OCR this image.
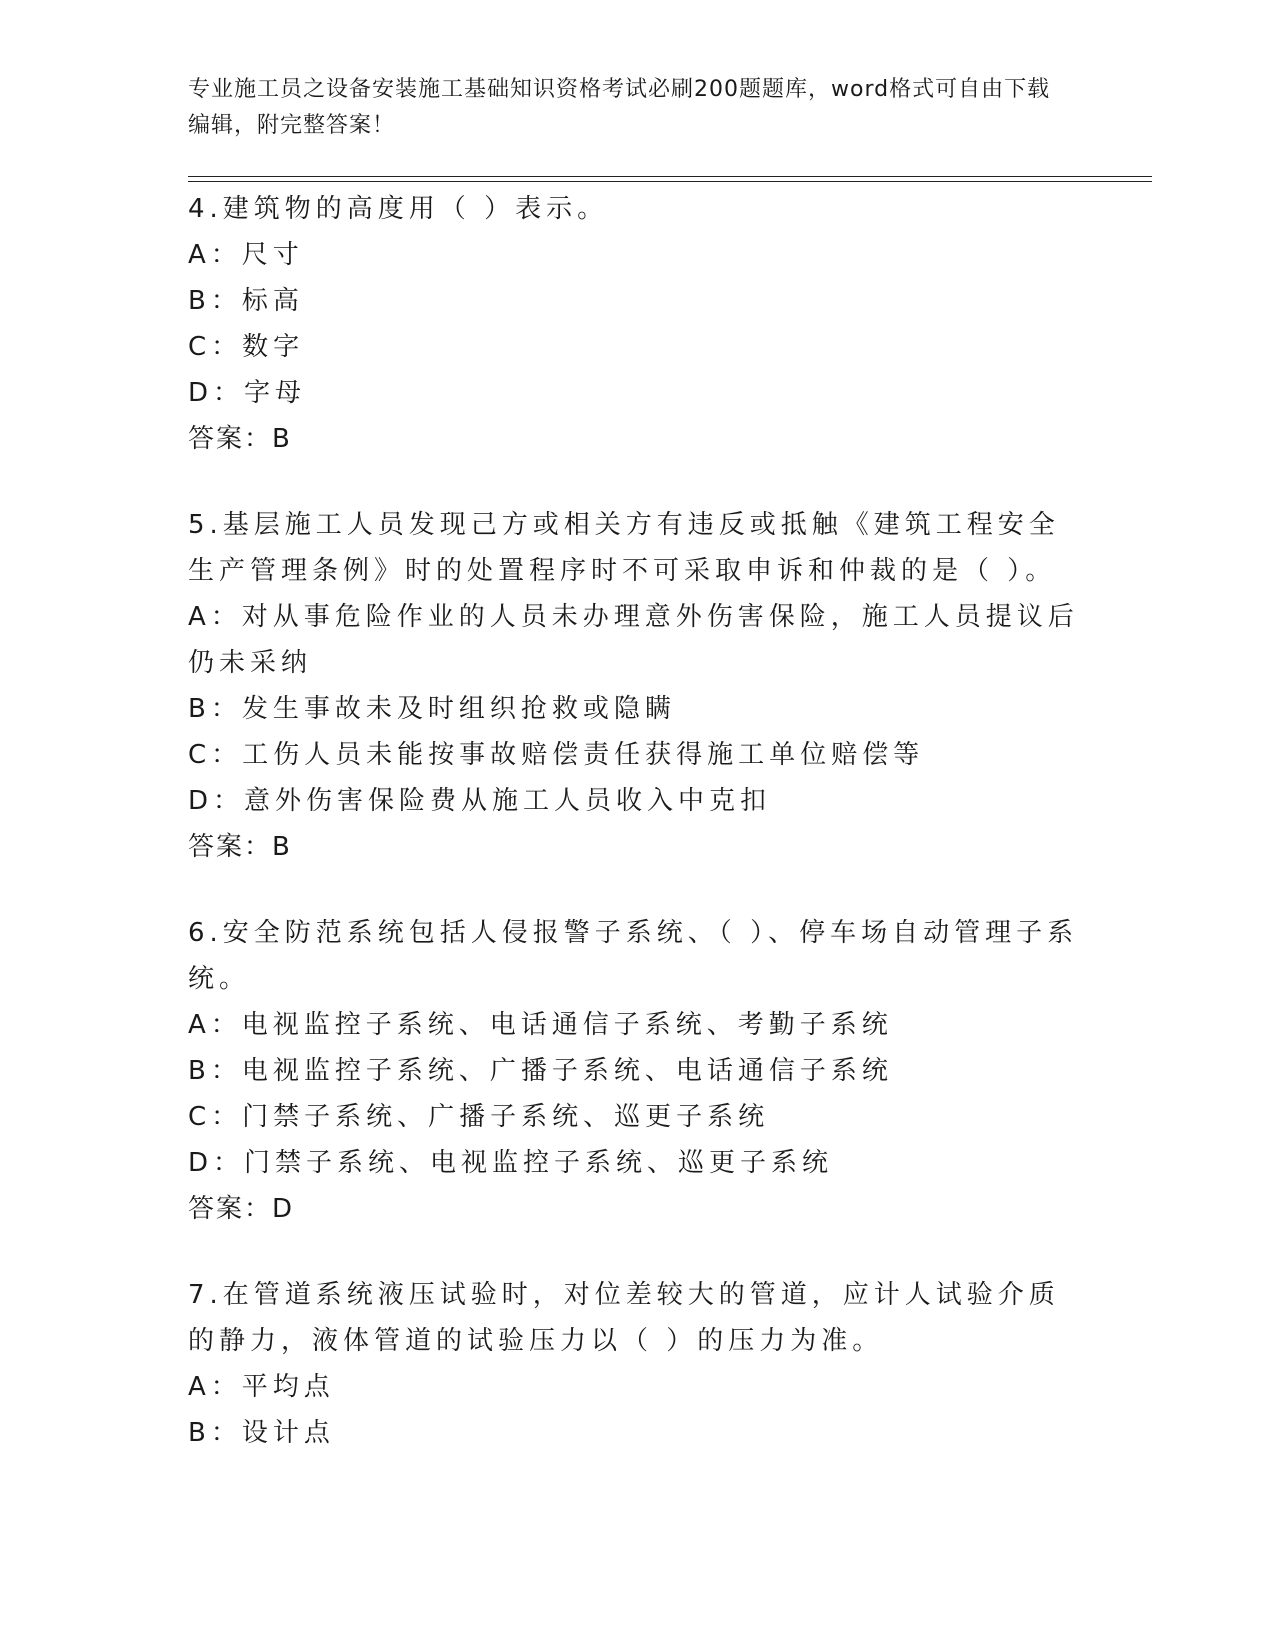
专业施工员之设备安装施工基础知识资格考试必刷200题题库，word格式可自由下载编辑，附完整答案！
4.建筑物的高度用（ ）表示。
A：尺寸
B：标高
C：数字
D：字母
答案：B
5.基层施工人员发现己方或相关方有违反或抵触《建筑工程安全生产管理条例》时的处置程序时不可采取申诉和仲裁的是（ ）。
A：对从事危险作业的人员未办理意外伤害保险，施工人员提议后仍未采纳
B：发生事故未及时组织抢救或隐瞒
C：工伤人员未能按事故赔偿责任获得施工单位赔偿等
D：意外伤害保险费从施工人员收入中克扣
答案：B
6.安全防范系统包括人侵报警子系统、（ ）、停车场自动管理子系统。
A：电视监控子系统、电话通信子系统、考勤子系统
B：电视监控子系统、广播子系统、电话通信子系统
C：门禁子系统、广播子系统、巡更子系统
D：门禁子系统、电视监控子系统、巡更子系统
答案：D
7.在管道系统液压试验时，对位差较大的管道，应计人试验介质的静力，液体管道的试验压力以（ ）的压力为准。
A：平均点
B：设计点
